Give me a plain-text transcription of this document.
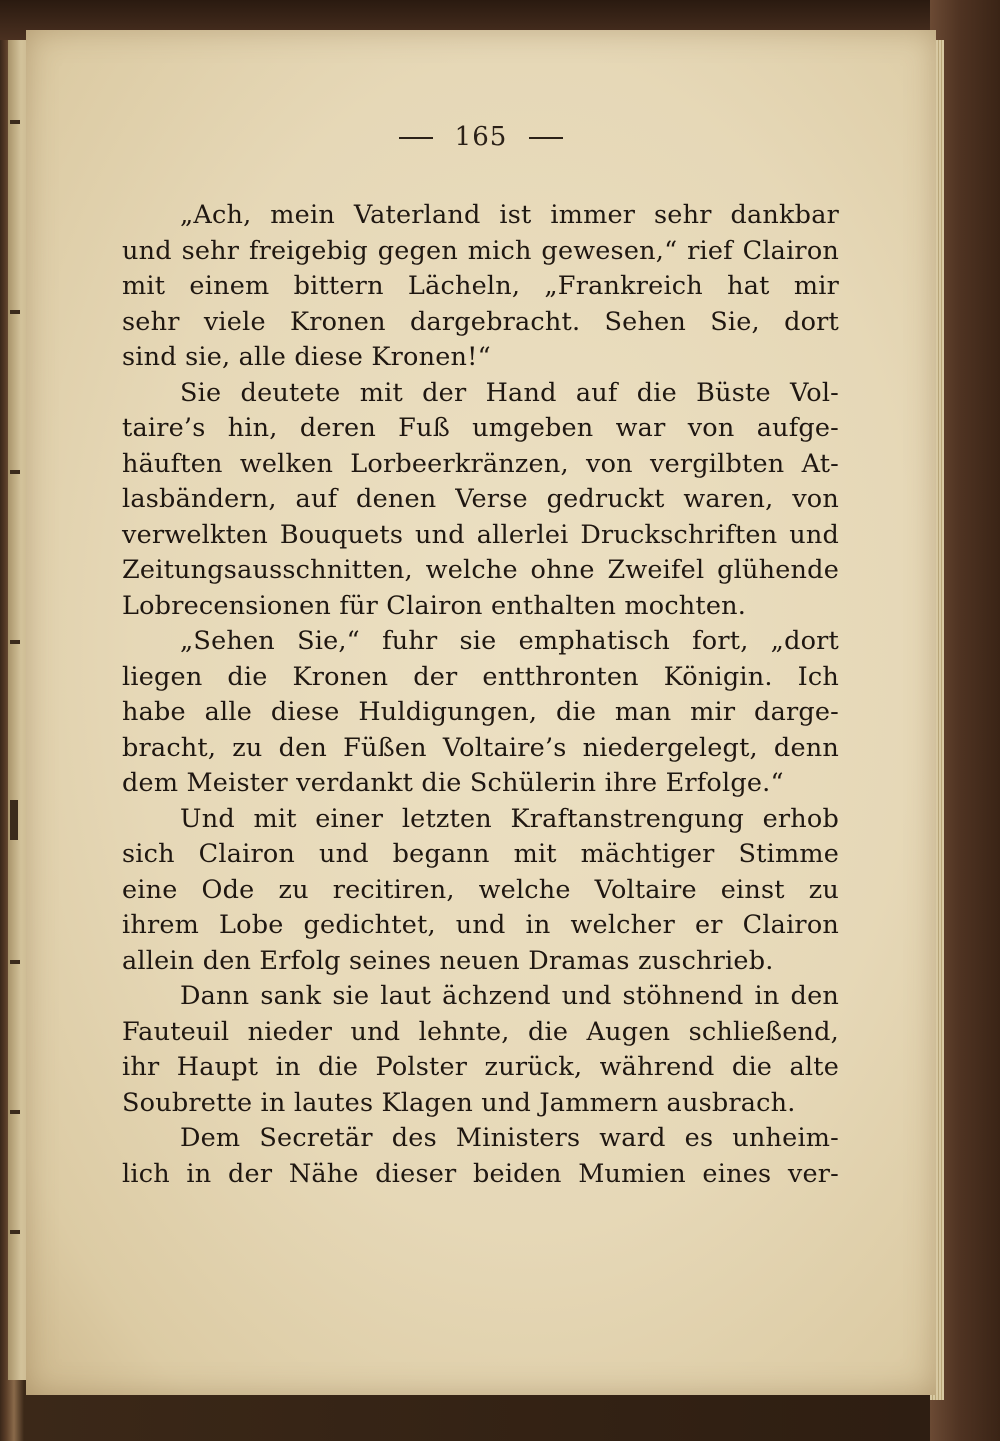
165
„Ach, mein Vaterland ist immer sehr dankbar
und sehr freigebig gegen mich gewesen,“ rief Clairon
mit einem bittern Lächeln, „Frankreich hat mir
sehr viele Kronen dargebracht. Sehen Sie, dort
sind sie, alle diese Kronen!“
Sie deutete mit der Hand auf die Büste Vol-
taire’s hin, deren Fuß umgeben war von aufge-
häuften welken Lorbeerkränzen, von vergilbten At-
lasbändern, auf denen Verse gedruckt waren, von
verwelkten Bouquets und allerlei Druckschriften und
Zeitungsausschnitten, welche ohne Zweifel glühende
Lobrecensionen für Clairon enthalten mochten.
„Sehen Sie,“ fuhr sie emphatisch fort, „dort
liegen die Kronen der entthronten Königin. Ich
habe alle diese Huldigungen, die man mir darge-
bracht, zu den Füßen Voltaire’s niedergelegt, denn
dem Meister verdankt die Schülerin ihre Erfolge.“
Und mit einer letzten Kraftanstrengung erhob
sich Clairon und begann mit mächtiger Stimme
eine Ode zu recitiren, welche Voltaire einst zu
ihrem Lobe gedichtet, und in welcher er Clairon
allein den Erfolg seines neuen Dramas zuschrieb.
Dann sank sie laut ächzend und stöhnend in den
Fauteuil nieder und lehnte, die Augen schließend,
ihr Haupt in die Polster zurück, während die alte
Soubrette in lautes Klagen und Jammern ausbrach.
Dem Secretär des Ministers ward es unheim-
lich in der Nähe dieser beiden Mumien eines ver-
